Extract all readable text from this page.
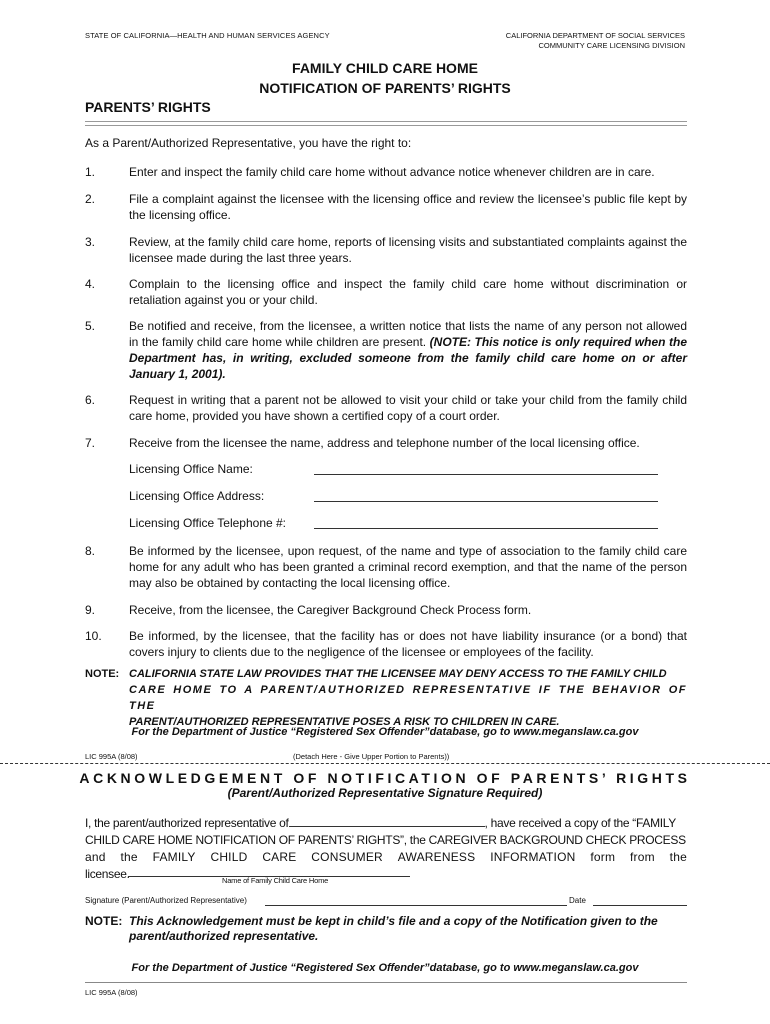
STATE OF CALIFORNIA—HEALTH AND HUMAN SERVICES AGENCY	CALIFORNIA DEPARTMENT OF SOCIAL SERVICES
COMMUNITY CARE LICENSING DIVISION
FAMILY CHILD CARE HOME
NOTIFICATION OF PARENTS’ RIGHTS
PARENTS’ RIGHTS
As a Parent/Authorized Representative, you have the right to:
1.	Enter and inspect the family child care home without advance notice whenever children are in care.
2.	File a complaint against the licensee with the licensing office and review the licensee’s public file kept by the licensing office.
3.	Review, at the family child care home, reports of licensing visits and substantiated complaints against the licensee made during the last three years.
4.	Complain to the licensing office and inspect the family child care home without discrimination or retaliation against you or your child.
5.	Be notified and receive, from the licensee, a written notice that lists the name of any person not allowed in the family child care home while children are present. (NOTE: This notice is only required when the Department has, in writing, excluded someone from the family child care home on or after January 1, 2001).
6.	Request in writing that a parent not be allowed to visit your child or take your child from the family child care home, provided you have shown a certified copy of a court order.
7.	Receive from the licensee the name, address and telephone number of the local licensing office.
Licensing Office Name:
Licensing Office Address:
Licensing Office Telephone #:
8.	Be informed by the licensee, upon request, of the name and type of association to the family child care home for any adult who has been granted a criminal record exemption, and that the name of the person may also be obtained by contacting the local licensing office.
9.	Receive, from the licensee, the Caregiver Background Check Process form.
10. Be informed, by the licensee, that the facility has or does not have liability insurance (or a bond) that covers injury to clients due to the negligence of the licensee or employees of the facility.
NOTE: CALIFORNIA STATE LAW PROVIDES THAT THE LICENSEE MAY DENY ACCESS TO THE FAMILY CHILD
CARE HOME TO A PARENT/AUTHORIZED REPRESENTATIVE IF THE BEHAVIOR OF THE
PARENT/AUTHORIZED REPRESENTATIVE POSES A RISK TO CHILDREN IN CARE.
For the Department of Justice “Registered Sex Offender”database, go to www.meganslaw.ca.gov
LIC 995A (8/08)	(Detach Here - Give Upper Portion to Parents))
ACKNOWLEDGEMENT OF NOTIFICATION OF PARENTS’ RIGHTS
(Parent/Authorized Representative Signature Required)
I, the parent/authorized representative of	, have received a copy of the “FAMILY
CHILD CARE HOME NOTIFICATION OF PARENTS’ RIGHTS”, the CAREGIVER BACKGROUND CHECK PROCESS
and the FAMILY CHILD CARE CONSUMER AWARENESS INFORMATION form from the
licensee.	Name of Family Child Care Home
Signature (Parent/Authorized Representative)	Date
NOTE: This Acknowledgement must be kept in child’s file and a copy of the Notification given to the
parent/authorized representative.
For the Department of Justice “Registered Sex Offender”database, go to www.meganslaw.ca.gov
LIC 995A (8/08)
